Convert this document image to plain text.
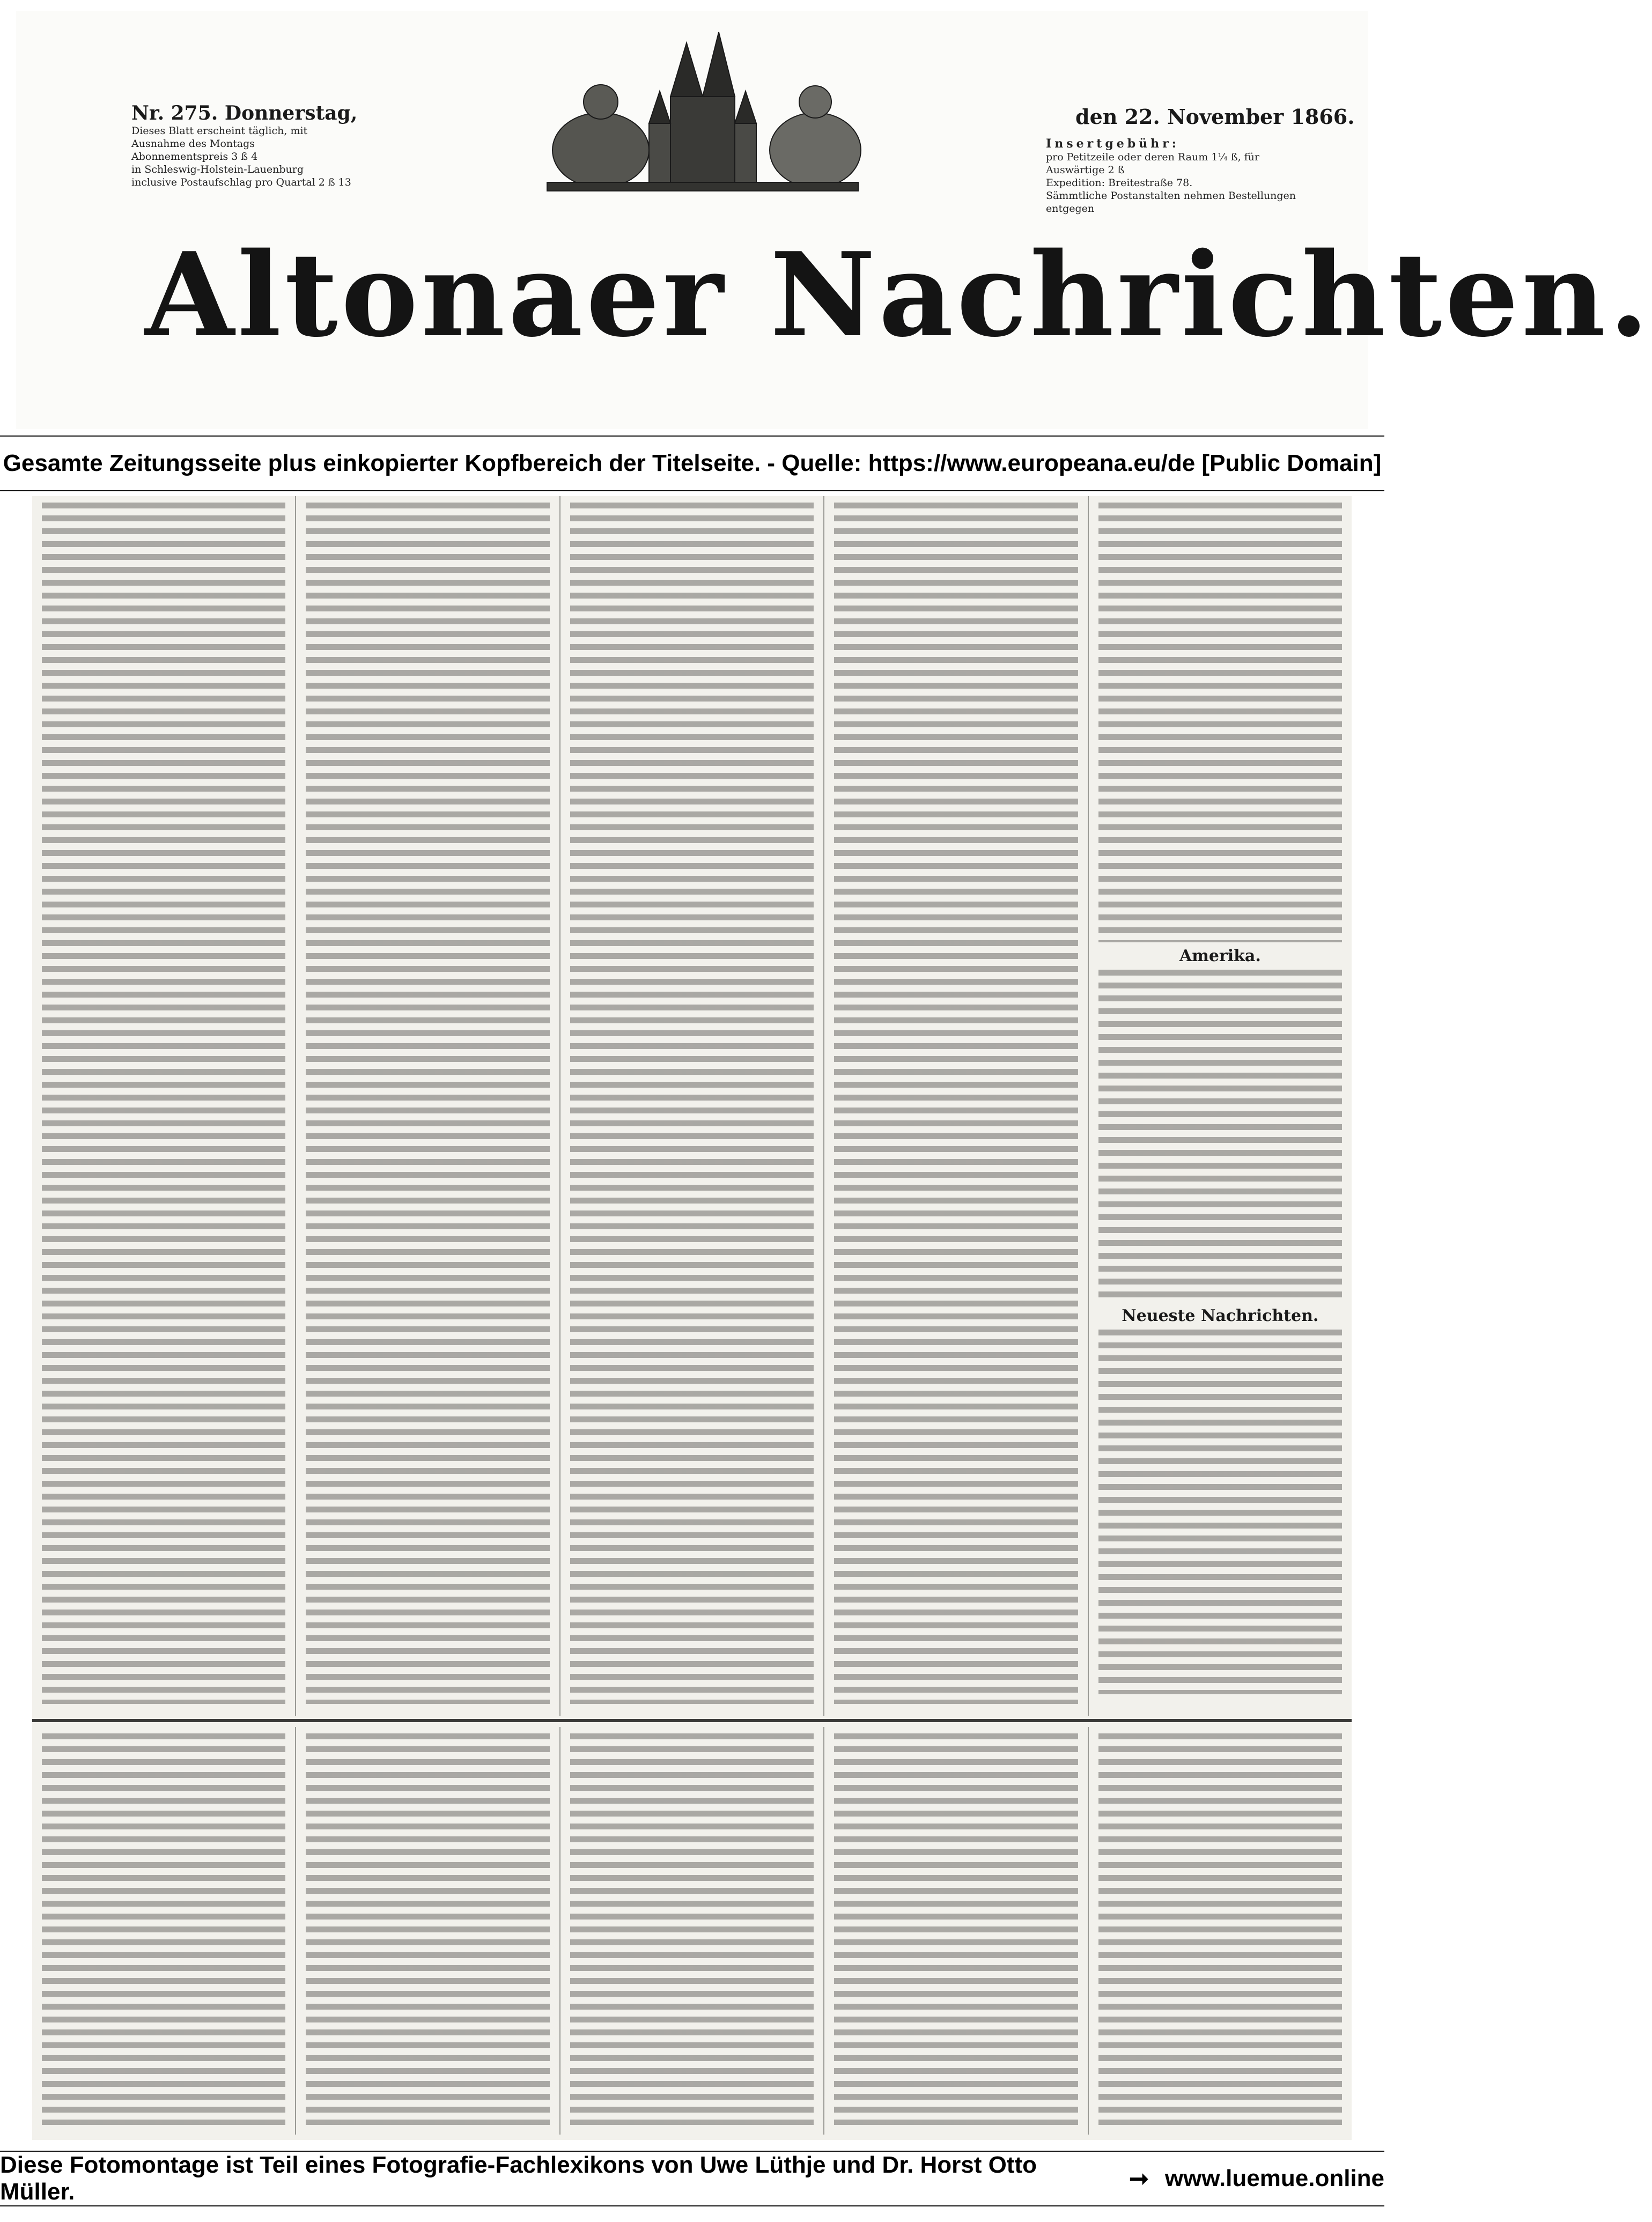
Nr. 275. Donnerstag,
Dieses Blatt erscheint täglich, mit Ausnahme des Montags
Abonnementspreis 3 ß 4
in Schleswig-Holstein-Lauenburg
inclusive Postaufschlag pro Quartal 2 ß 13
den 22. November 1866.
Insertgebühr:
pro Petitzeile oder deren Raum 1¼ ß, für Auswärtige 2 ß
Expedition: Breitestraße 78.
Sämmtliche Postanstalten nehmen Bestellungen entgegen
Altonaer Nachrichten.
Gesamte Zeitungsseite plus einkopierter Kopfbereich der Titelseite. - Quelle: https://www.europeana.eu/de [Public Domain]
Amerika.
Neueste Nachrichten.
Diese Fotomontage ist Teil eines Fotografie-Fachlexikons von Uwe Lüthje und Dr. Horst Otto Müller.	➞ www.luemue.online
